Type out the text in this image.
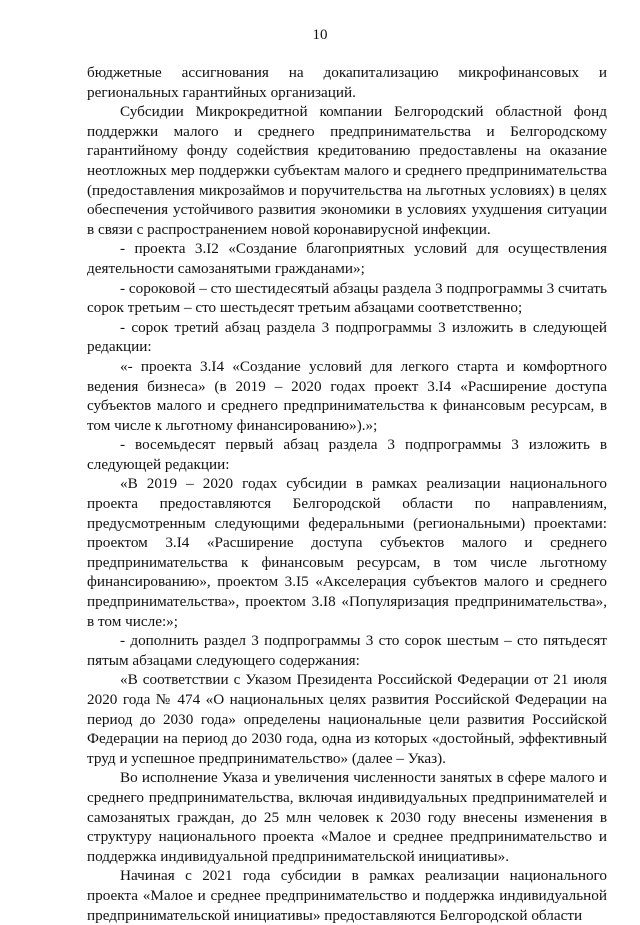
10

бюджетные ассигнования на докапитализацию микрофинансовых и региональных гарантийных организаций.

Субсидии Микрокредитной компании Белгородский областной фонд поддержки малого и среднего предпринимательства и Белгородскому гарантийному фонду содействия кредитованию предоставлены на оказание неотложных мер поддержки субъектам малого и среднего предпринимательства (предоставления микрозаймов и поручительства на льготных условиях) в целях обеспечения устойчивого развития экономики в условиях ухудшения ситуации в связи с распространением новой коронавирусной инфекции.

- проекта 3.I2 «Создание благоприятных условий для осуществления деятельности самозанятыми гражданами»;

- сороковой – сто шестидесятый абзацы раздела 3 подпрограммы 3 считать сорок третьим – сто шестьдесят третьим абзацами соответственно;

- сорок третий абзац раздела 3 подпрограммы 3 изложить в следующей редакции:

«- проекта 3.I4 «Создание условий для легкого старта и комфортного ведения бизнеса» (в 2019 – 2020 годах проект 3.I4 «Расширение доступа субъектов малого и среднего предпринимательства к финансовым ресурсам, в том числе к льготному финансированию»).»;

- восемьдесят первый абзац раздела 3 подпрограммы 3 изложить в следующей редакции:

«В 2019 – 2020 годах субсидии в рамках реализации национального проекта предоставляются Белгородской области по направлениям, предусмотренным следующими федеральными (региональными) проектами: проектом 3.I4 «Расширение доступа субъектов малого и среднего предпринимательства к финансовым ресурсам, в том числе льготному финансированию», проектом 3.I5 «Акселерация субъектов малого и среднего предпринимательства», проектом 3.I8 «Популяризация предпринимательства», в том числе:»;

- дополнить раздел 3 подпрограммы 3 сто сорок шестым – сто пятьдесят пятым абзацами следующего содержания:

«В соответствии с Указом Президента Российской Федерации от 21 июля 2020 года № 474 «О национальных целях развития Российской Федерации на период до 2030 года» определены национальные цели развития Российской Федерации на период до 2030 года, одна из которых «достойный, эффективный труд и успешное предпринимательство» (далее – Указ).

Во исполнение Указа и увеличения численности занятых в сфере малого и среднего предпринимательства, включая индивидуальных предпринимателей и самозанятых граждан, до 25 млн человек к 2030 году внесены изменения в структуру национального проекта «Малое и среднее предпринимательство и поддержка индивидуальной предпринимательской инициативы».

Начиная с 2021 года субсидии в рамках реализации национального проекта «Малое и среднее предпринимательство и поддержка индивидуальной предпринимательской инициативы» предоставляются Белгородской области
